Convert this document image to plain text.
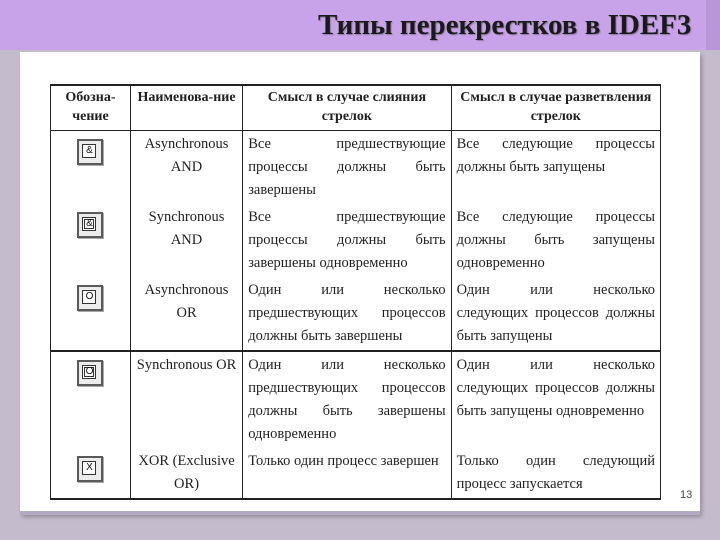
Типы перекрестков в IDEF3
Обозна-чение	Наименова-ние	Смысл в случае слияния стрелок	Смысл в случае разветвления стрелок

&	Asynchronous AND	Все предшествующие процессы должны быть завершены	Все следующие процессы должны быть запущены

&	Synchronous AND	Все предшествующие процессы должны быть завершены одновременно	Все следующие процессы должны быть запущены одновременно

O	Asynchronous OR	Один или несколько предшествующих процессов должны быть завершены	Один или несколько следующих процессов должны быть запущены

O	Synchronous OR	Один или несколько предшествующих процессов должны быть завершены одновременно	Один или несколько следующих процессов должны быть запущены одновременно

X	XOR (Exclusive OR)	Только один процесс завершен	Только один следующий процесс запускается
13
